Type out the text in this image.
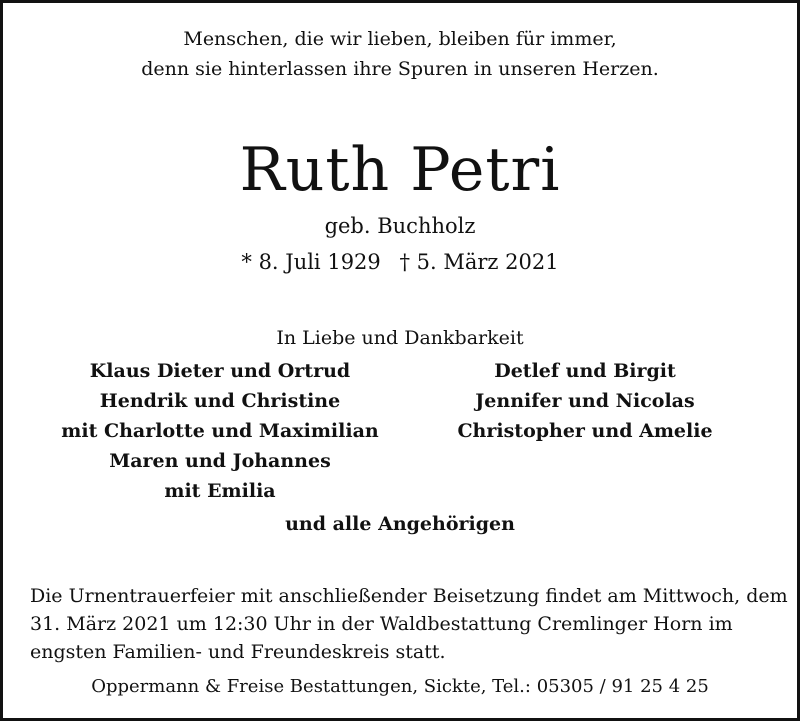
Menschen, die wir lieben, bleiben für immer,
denn sie hinterlassen ihre Spuren in unseren Herzen.
Ruth Petri
geb. Buchholz
* 8. Juli 1929 † 5. März 2021
In Liebe und Dankbarkeit
Klaus Dieter und Ortrud
Hendrik und Christine
mit Charlotte und Maximilian
Maren und Johannes
mit Emilia
Detlef und Birgit
Jennifer und Nicolas
Christopher und Amelie
und alle Angehörigen
Die Urnentrauerfeier mit anschließender Beisetzung findet am Mittwoch, dem
31. März 2021 um 12:30 Uhr in der Waldbestattung Cremlinger Horn im
engsten Familien- und Freundeskreis statt.
Oppermann & Freise Bestattungen, Sickte, Tel.: 05305 / 91 25 4 25
